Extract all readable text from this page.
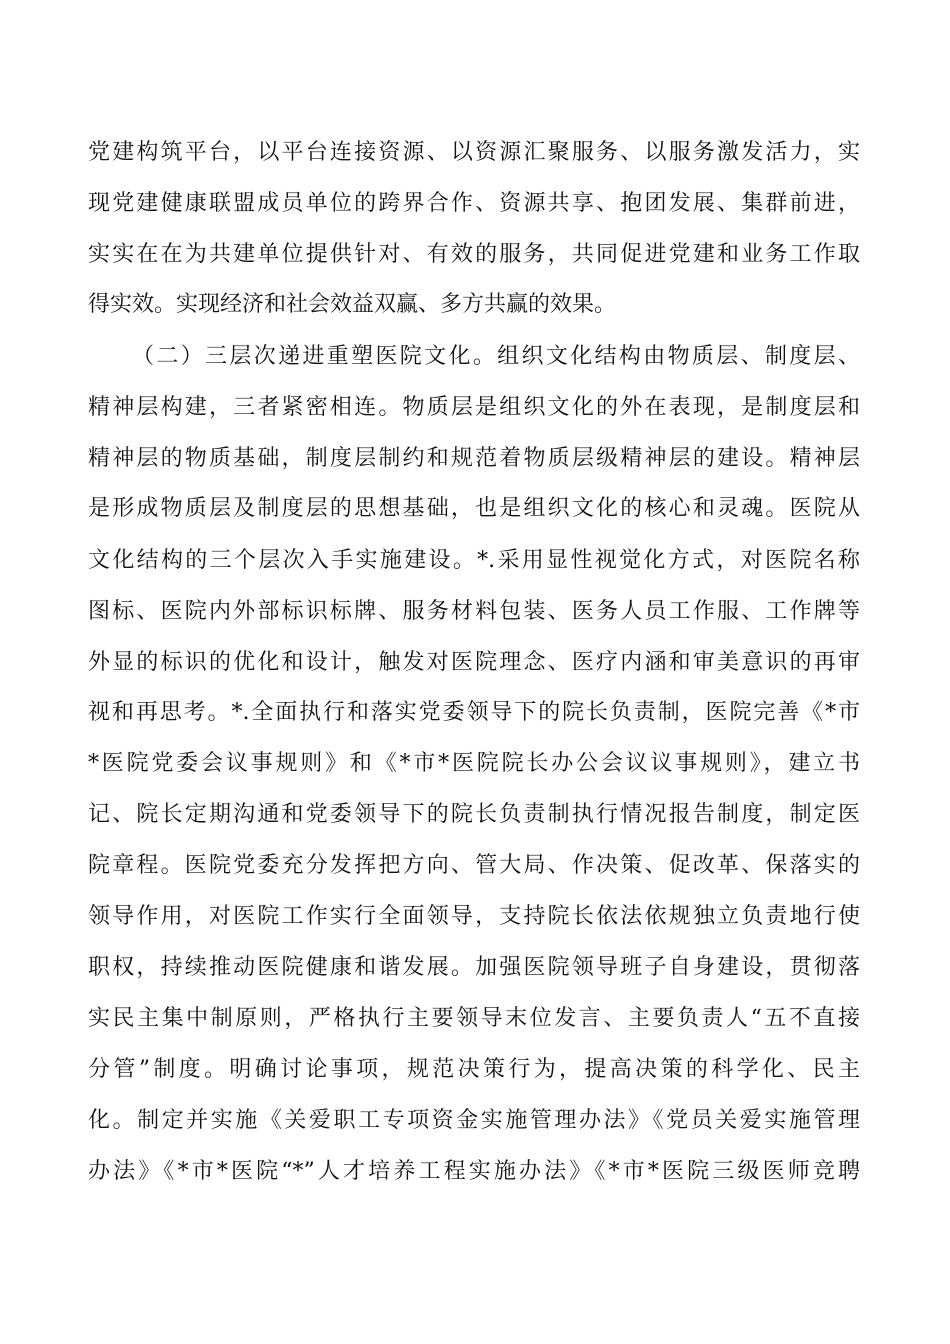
党建构筑平台，以平台连接资源、以资源汇聚服务、以服务激发活力，实
现党建健康联盟成员单位的跨界合作、资源共享、抱团发展、集群前进，
实实在在为共建单位提供针对、有效的服务，共同促进党建和业务工作取
得实效。实现经济和社会效益双赢、多方共赢的效果。
（二）三层次递进重塑医院文化。组织文化结构由物质层、制度层、
精神层构建，三者紧密相连。物质层是组织文化的外在表现，是制度层和
精神层的物质基础，制度层制约和规范着物质层级精神层的建设。精神层
是形成物质层及制度层的思想基础，也是组织文化的核心和灵魂。医院从
文化结构的三个层次入手实施建设。*.采用显性视觉化方式，对医院名称
图标、医院内外部标识标牌、服务材料包装、医务人员工作服、工作牌等
外显的标识的优化和设计，触发对医院理念、医疗内涵和审美意识的再审
视和再思考。*.全面执行和落实党委领导下的院长负责制，医院完善《*市
*医院党委会议事规则》和《*市*医院院长办公会议议事规则》，建立书
记、院长定期沟通和党委领导下的院长负责制执行情况报告制度，制定医
院章程。医院党委充分发挥把方向、管大局、作决策、促改革、保落实的
领导作用，对医院工作实行全面领导，支持院长依法依规独立负责地行使
职权，持续推动医院健康和谐发展。加强医院领导班子自身建设，贯彻落
实民主集中制原则，严格执行主要领导末位发言、主要负责人“五不直接
分管”制度。明确讨论事项，规范决策行为，提高决策的科学化、民主
化。制定并实施《关爱职工专项资金实施管理办法》《党员关爱实施管理
办法》《*市*医院“*”人才培养工程实施办法》《*市*医院三级医师竞聘
